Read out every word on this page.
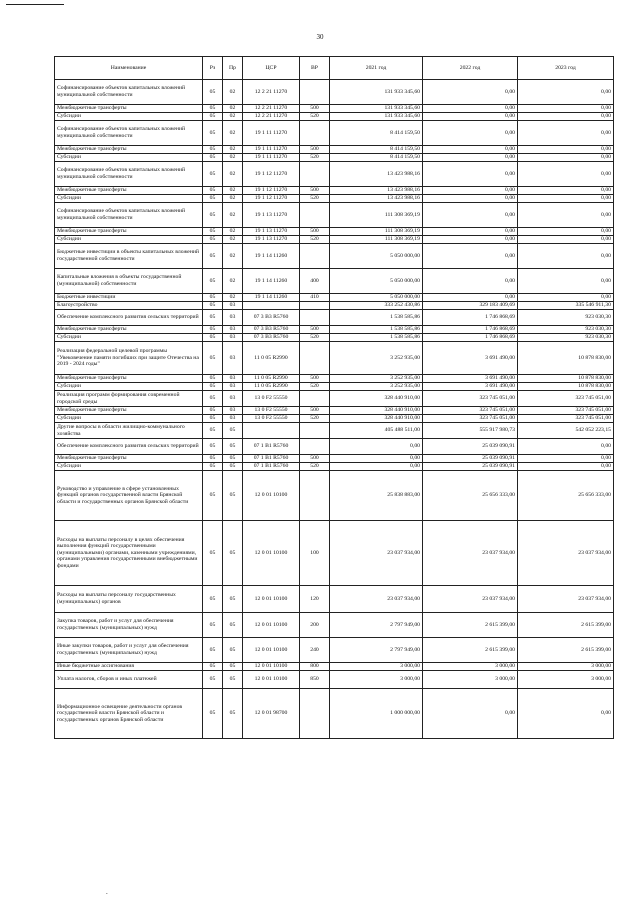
30
Наименование	Рз	Пр	ЦСР	ВР	2021 год	2022 год	2023 год
Софинансирование объектов капитальных вложений муниципальной собственности	05	02	12 2 21 11270		131 933 345,60	0,00	0,00
Межбюджетные трансферты	05	02	12 2 21 11270	500	131 933 345,60	0,00	0,00
Субсидии	05	02	12 2 21 11270	520	131 933 345,60	0,00	0,00
Софинансирование объектов капитальных вложений муниципальной собственности	05	02	19 1 11 11270		8 414 159,50	0,00	0,00
Межбюджетные трансферты	05	02	19 1 11 11270	500	8 414 159,50	0,00	0,00
Субсидии	05	02	19 1 11 11270	520	8 414 159,50	0,00	0,00
Софинансирование объектов капитальных вложений муниципальной собственности	05	02	19 1 12 11270		13 423 988,16	0,00	0,00
Межбюджетные трансферты	05	02	19 1 12 11270	500	13 423 988,16	0,00	0,00
Субсидии	05	02	19 1 12 11270	520	13 423 988,16	0,00	0,00
Софинансирование объектов капитальных вложений муниципальной собственности	05	02	19 1 13 11270		111 308 369,19	0,00	0,00
Межбюджетные трансферты	05	02	19 1 13 11270	500	111 308 369,19	0,00	0,00
Субсидии	05	02	19 1 13 11270	520	111 308 369,19	0,00	0,00
Бюджетные инвестиции в объекты капитальных вложений государственной собственности	05	02	19 1 14 11260		5 050 000,00	0,00	0,00
Капитальные вложения в объекты государственной (муниципальной) собственности	05	02	19 1 14 11260	400	5 050 000,00	0,00	0,00
Бюджетные инвестиции	05	02	19 1 14 11260	410	5 050 000,00	0,00	0,00
Благоустройство	05	03			333 252 430,86	329 183 409,69	335 546 911,30
Обеспечение комплексного развития сельских территорий	05	03	07 3 В3 R5760		1 538 585,86	1 746 868,69	923 030,30
Межбюджетные трансферты	05	03	07 3 В3 R5760	500	1 538 585,86	1 746 868,69	923 030,30
Субсидии	05	03	07 3 В3 R5760	520	1 538 585,86	1 746 868,69	923 030,30
Реализация федеральной целевой программы "Увековечение памяти погибших при защите Отечества на 2019 - 2024 годы"	05	03	11 0 05 R2990		3 252 935,00	3 691 490,00	10 878 830,00
Межбюджетные трансферты	05	03	11 0 05 R2990	500	3 252 935,00	3 691 490,00	10 878 830,00
Субсидии	05	03	11 0 05 R2990	520	3 252 935,00	3 691 490,00	10 878 830,00
Реализация программ формирования современной городской среды	05	03	13 0 F2 55550		328 440 910,00	323 745 051,00	323 745 051,00
Межбюджетные трансферты	05	03	13 0 F2 55550	500	328 440 910,00	323 745 051,00	323 745 051,00
Субсидии	05	03	13 0 F2 55550	520	328 440 910,00	323 745 051,00	323 745 051,00
Другие вопросы в области жилищно-коммунального хозяйства	05	05			405 488 511,00	555 917 980,73	542 052 223,15
Обеспечение комплексного развития сельских территорий	05	05	07 1 В1 R5760		0,00	25 039 090,91	0,00
Межбюджетные трансферты	05	05	07 1 В1 R5760	500	0,00	25 039 090,91	0,00
Субсидии	05	05	07 1 В1 R5760	520	0,00	25 039 090,91	0,00
Руководство и управление в сфере установленных функций органов государственной власти Брянской области и государственных органов Брянской области	05	05	12 0 01 10100		25 838 883,00	25 656 333,00	25 656 333,00
Расходы на выплаты персоналу в целях обеспечения выполнения функций государственными (муниципальными) органами, казенными учреждениями, органами управления государственными внебюджетными фондами	05	05	12 0 01 10100	100	23 037 934,00	23 037 934,00	23 037 934,00
Расходы на выплаты персоналу государственных (муниципальных) органов	05	05	12 0 01 10100	120	23 037 934,00	23 037 934,00	23 037 934,00
Закупка товаров, работ и услуг для обеспечения государственных (муниципальных) нужд	05	05	12 0 01 10100	200	2 797 949,00	2 615 399,00	2 615 399,00
Иные закупки товаров, работ и услуг для обеспечения государственных (муниципальных) нужд	05	05	12 0 01 10100	240	2 797 949,00	2 615 399,00	2 615 399,00
Иные бюджетные ассигнования	05	05	12 0 01 10100	800	3 000,00	3 000,00	3 000,00
Уплата налогов, сборов и иных платежей	05	05	12 0 01 10100	850	3 000,00	3 000,00	3 000,00
Информационное освещение деятельности органов государственной власти Брянской области и государственных органов Брянской области	05	05	12 0 01 98700		1 000 000,00	0,00	0,00
.
